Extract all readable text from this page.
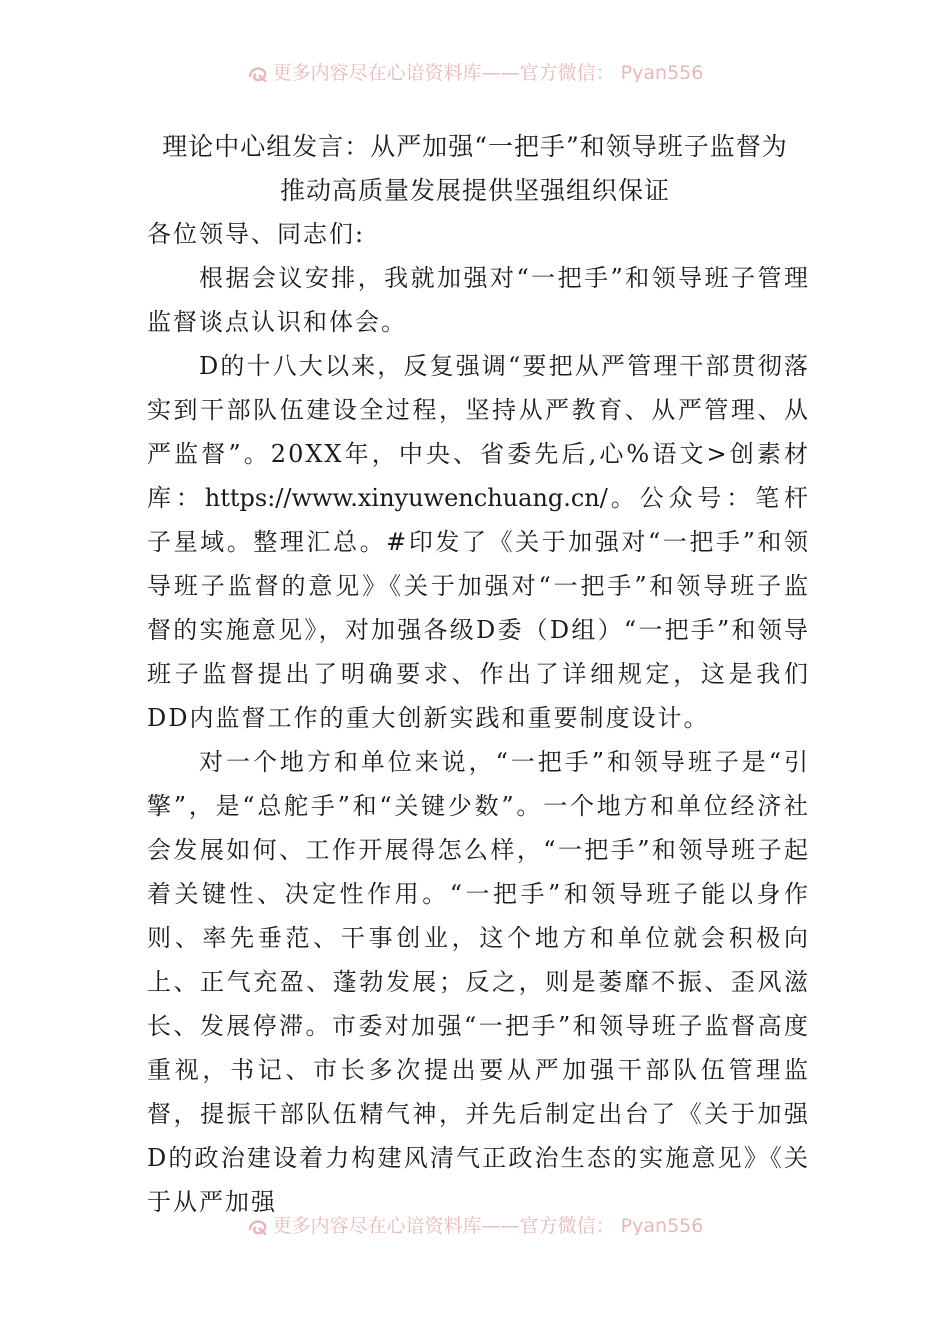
更多内容尽在心谙资料库——官方微信： Pyan556
理论中心组发言：从严加强“一把手”和领导班子监督为
推动高质量发展提供坚强组织保证

各位领导、同志们:

根据会议安排，我就加强对“一把手”和领导班子管理监督谈点认识和体会。

D的十八大以来，反复强调“要把从严管理干部贯彻落实到干部队伍建设全过程，坚持从严教育、从严管理、从严监督”。20XX年，中央、省委先后,心%语文>创素材库：https://www.xinyuwenchuang.cn/。公众号：笔杆子星域。整理汇总。#印发了《关于加强对“一把手”和领导班子监督的意见》《关于加强对“一把手”和领导班子监督的实施意见》，对加强各级D委（D组）“一把手”和领导班子监督提出了明确要求、作出了详细规定，这是我们DD内监督工作的重大创新实践和重要制度设计。

对一个地方和单位来说，“一把手”和领导班子是“引擎”，是“总舵手”和“关键少数”。一个地方和单位经济社会发展如何、工作开展得怎么样，“一把手”和领导班子起着关键性、决定性作用。“一把手”和领导班子能以身作则、率先垂范、干事创业，这个地方和单位就会积极向上、正气充盈、蓬勃发展；反之，则是萎靡不振、歪风滋长、发展停滞。市委对加强“一把手”和领导班子监督高度重视，书记、市长多次提出要从严加强干部队伍管理监督，提振干部队伍精气神，并先后制定出台了《关于加强D的政治建设着力构建风清气正政治生态的实施意见》《关于从严加强

更多内容尽在心谙资料库——官方微信： Pyan556
